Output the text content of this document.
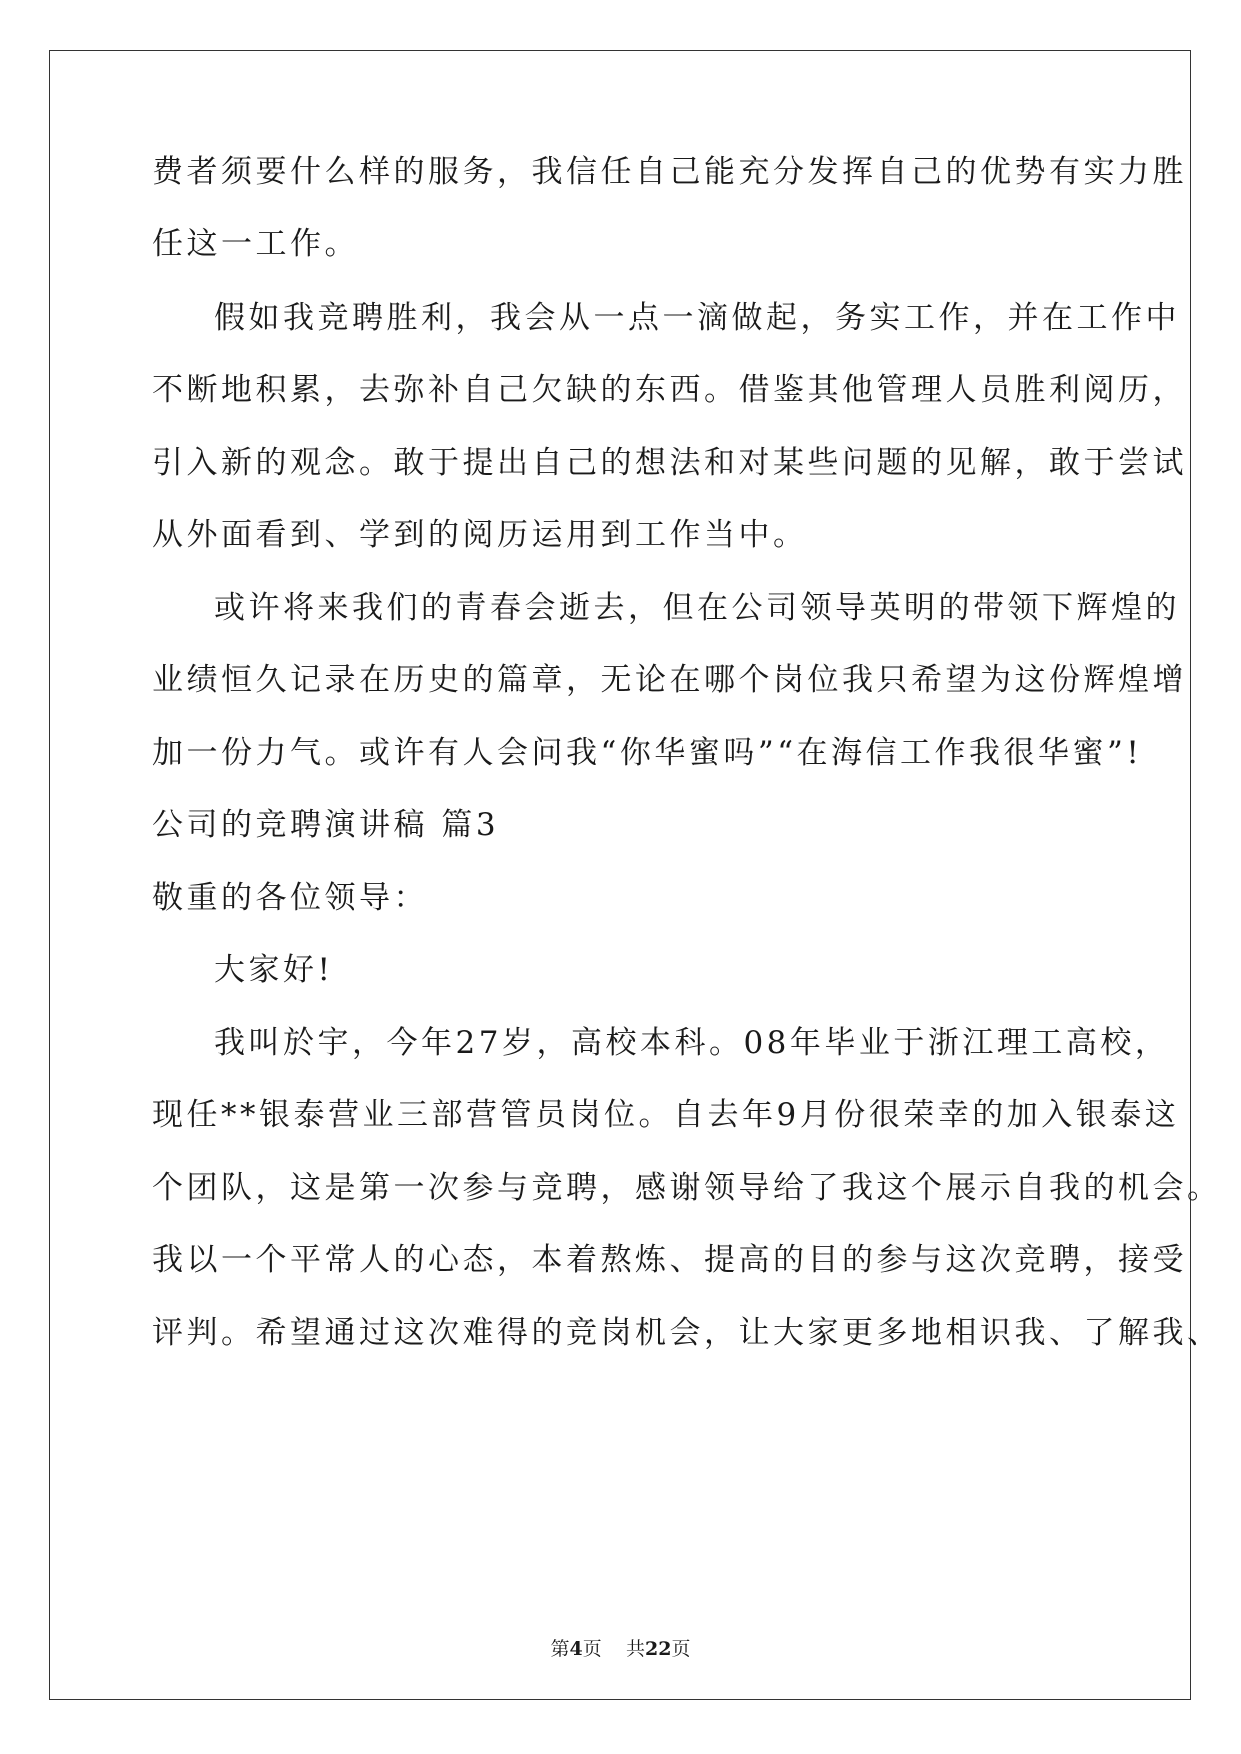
费者须要什么样的服务，我信任自己能充分发挥自己的优势有实力胜
任这一工作。
假如我竞聘胜利，我会从一点一滴做起，务实工作，并在工作中
不断地积累，去弥补自己欠缺的东西。借鉴其他管理人员胜利阅历，
引入新的观念。敢于提出自己的想法和对某些问题的见解，敢于尝试
从外面看到、学到的阅历运用到工作当中。
或许将来我们的青春会逝去，但在公司领导英明的带领下辉煌的
业绩恒久记录在历史的篇章，无论在哪个岗位我只希望为这份辉煌增
加一份力气。或许有人会问我“你华蜜吗”“在海信工作我很华蜜”!
公司的竞聘演讲稿 篇3
敬重的各位领导：
大家好!
我叫於宇，今年27岁，高校本科。08年毕业于浙江理工高校，
现任**银泰营业三部营管员岗位。自去年9月份很荣幸的加入银泰这
个团队，这是第一次参与竞聘，感谢领导给了我这个展示自我的机会。
我以一个平常人的心态，本着熬炼、提高的目的参与这次竞聘，接受
评判。希望通过这次难得的竞岗机会，让大家更多地相识我、了解我、
第4页 共22页
